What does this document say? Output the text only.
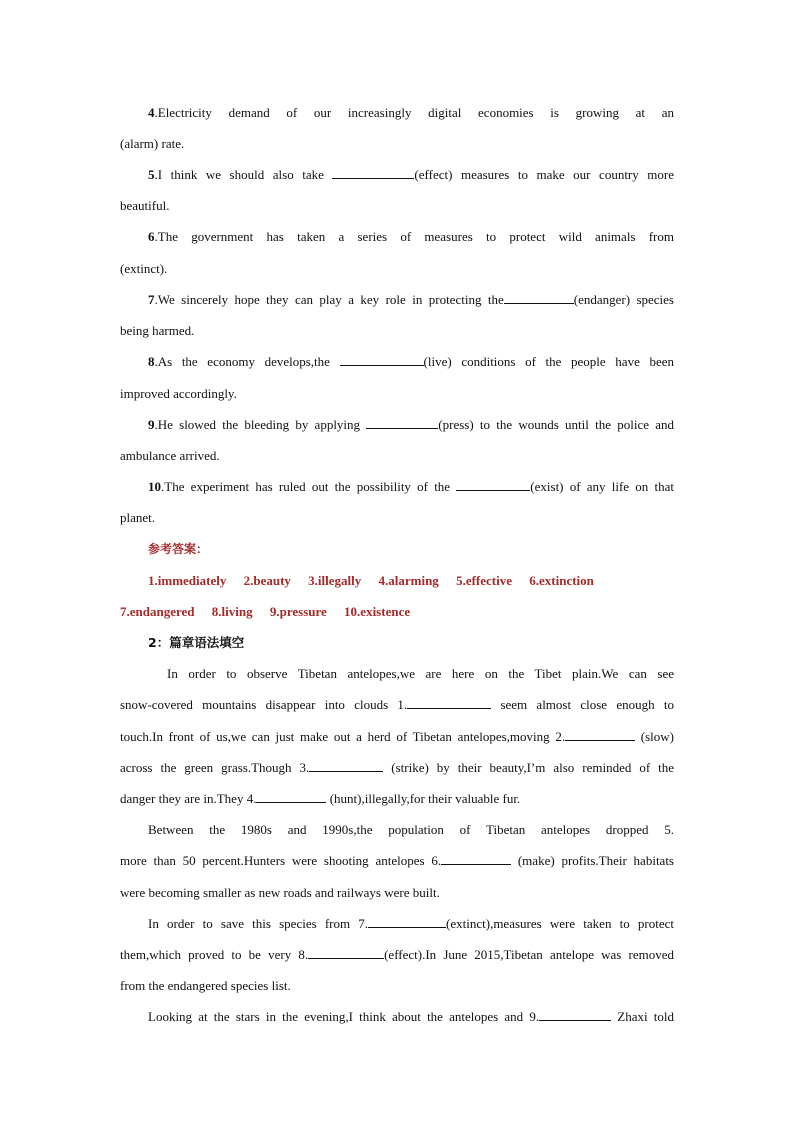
4.Electricity demand of our increasingly digital economies is growing at an
(alarm) rate.
5.I think we should also take	(effect) measures to make our country more
beautiful.
6.The government has taken a series of measures to protect wild animals from
(extinct).
7.We sincerely hope they can play a key role in protecting the	(endanger) species
being harmed.
8.As the economy develops,the	(live) conditions of the people have been
improved accordingly.
9.He slowed the bleeding by applying	(press) to the wounds until the police and
ambulance arrived.
10.The experiment has ruled out the possibility of the	(exist) of any life on that
planet.
参考答案：
1.immediately 2.beauty 3.illegally 4.alarming 5.effective 6.extinction
7.endangered 8.living 9.pressure 10.existence
2：篇章语法填空
In order to observe Tibetan antelopes,we are here on the Tibet plain.We can see
snow-covered mountains disappear into clouds 1.	seem almost close enough to
touch.In front of us,we can just make out a herd of Tibetan antelopes,moving 2.	(slow)
across the green grass.Though 3.	(strike) by their beauty,I’m also reminded of the
danger they are in.They 4.	(hunt),illegally,for their valuable fur.
Between the 1980s and 1990s,the population of Tibetan antelopes dropped 5.
more than 50 percent.Hunters were shooting antelopes 6.	(make) profits.Their habitats
were becoming smaller as new roads and railways were built.
In order to save this species from 7.	(extinct),measures were taken to protect
them,which proved to be very 8.	(effect).In June 2015,Tibetan antelope was removed
from the endangered species list.
Looking at the stars in the evening,I think about the antelopes and 9.	Zhaxi told
